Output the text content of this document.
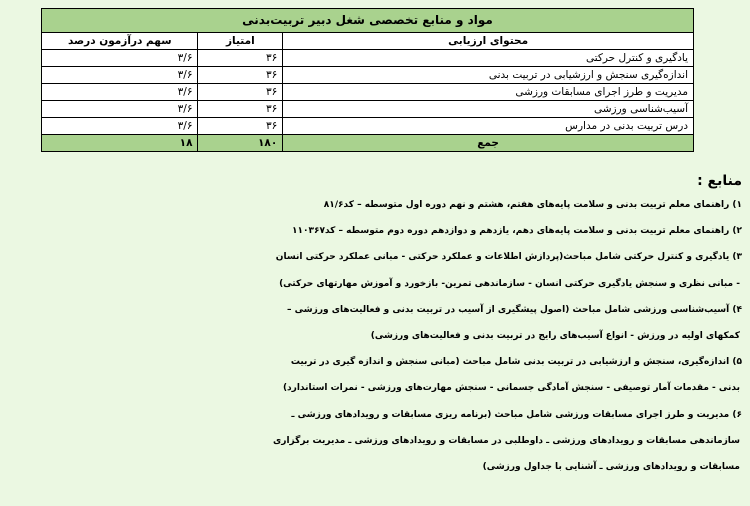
مواد و منابع تخصصی شغل دبیر تربیت‌بدنی		
محتوای ارزیابی	امتیاز	سهم درآزمون درصد
یادگیری و کنترل حرکتی	۳۶	۳/۶
اندازه‌گیری سنجش و ارزشیابی در تربیت بدنی	۳۶	۳/۶
مدیریت و طرز اجرای مسابقات ورزشی	۳۶	۳/۶
آسیب‌شناسی ورزشی	۳۶	۳/۶
درس تربیت بدنی در مدارس	۳۶	۳/۶
جمع	۱۸۰	۱۸
منابع :
۱) راهنمای معلم تربیت بدنی و سلامت پایه‌های هفتم، هشتم و نهم دوره اول متوسطه – کد۸۱/۶
۲) راهنمای معلم تربیت بدنی و سلامت پایه‌های دهم، یازدهم و دوازدهم دوره دوم متوسطه – کد۱۱۰۳۶۷
۳) یادگیری و کنترل حرکتی شامل مباحث(پردازش اطلاعات و عملکرد حرکتی - مبانی عملکرد حرکتی انسان
- مبانی نظری و سنجش یادگیری حرکتی انسان - سازماندهی تمرین- بازخورد و آموزش مهارتهای حرکتی)
۴) آسیب‌شناسی ورزشی شامل مباحث (اصول پیشگیری از آسیب در تربیت بدنی و فعالیت‌های ورزشی –
کمکهای اولیه در ورزش - انواع آسیب‌های رایج در تربیت بدنی و فعالیت‌های ورزشی)
۵) اندازه‌گیری، سنجش و ارزشیابی در تربیت بدنی شامل مباحث (مبانی سنجش و اندازه گیری در تربیت
بدنی - مقدمات آمار توصیفی - سنجش آمادگی جسمانی - سنجش مهارت‌های ورزشی - نمرات استاندارد)
۶) مدیریت و طرز اجرای مسابقات ورزشی شامل مباحث (برنامه ریزی مسابقات و رویدادهای ورزشی ـ
سازماندهی مسابقات و رویدادهای ورزشی ـ داوطلبی در مسابقات و رویدادهای ورزشی ـ مدیریت برگزاری
مسابقات و رویدادهای ورزشی ـ آشنایی با جداول ورزشی)
